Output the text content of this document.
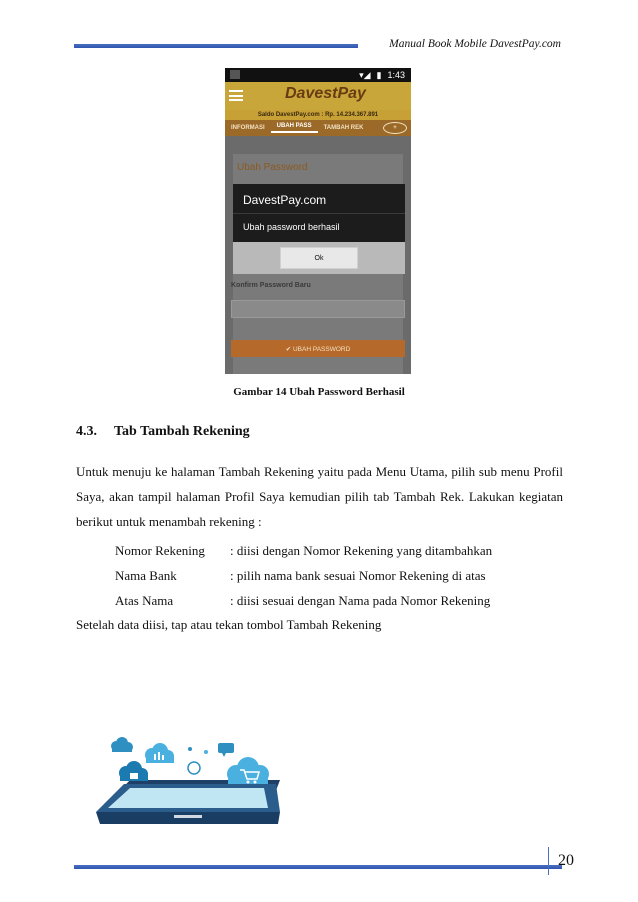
Manual Book Mobile DavestPay.com
▾◢ ▮ 1:43
DavestPay
Saldo DavestPay.com : Rp. 14.234.367.891
INFORMASI	UBAH PASS	TAMBAH REK	+
Ubah Password
DavestPay.com
Ubah password berhasil
Ok
Konfirm Password Baru
✔ UBAH PASSWORD
Gambar 14 Ubah Password Berhasil
4.3. Tab Tambah Rekening
Untuk menuju ke halaman Tambah Rekening yaitu pada Menu Utama, pilih sub menu Profil Saya, akan tampil halaman Profil Saya kemudian pilih tab Tambah Rek. Lakukan kegiatan berikut untuk menambah rekening :
Nomor Rekening	: diisi dengan Nomor Rekening yang ditambahkan
Nama Bank	: pilih nama bank sesuai Nomor Rekening di atas
Atas Nama	: diisi sesuai dengan Nama pada Nomor Rekening
Setelah data diisi, tap atau tekan tombol Tambah Rekening
20
